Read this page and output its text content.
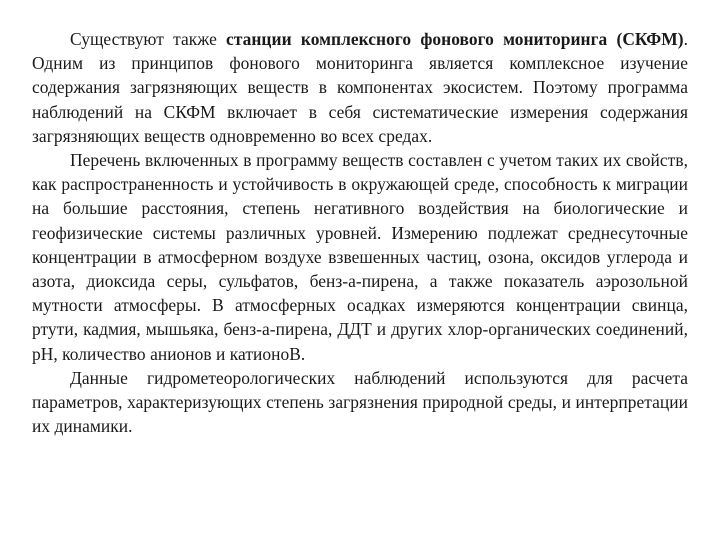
Существуют также станции комплексного фонового мониторинга (СКФМ). Одним из принципов фонового мониторинга является комплексное изучение содержания загрязняющих веществ в компонентах экосистем. Поэтому программа наблюдений на СКФМ включает в себя систематические измерения содержания загрязняющих веществ одновременно во всех средах.

Перечень включенных в программу веществ составлен с учетом таких их свойств, как распространенность и устойчивость в окружающей среде, способность к миграции на большие расстояния, степень негативного воздействия на биологические и геофизические системы различных уровней. Измерению подлежат среднесуточные концентрации в атмосферном воздухе взвешенных частиц, озона, оксидов углерода и азота, диоксида серы, сульфатов, бенз-а-пирена, а также показатель аэрозольной мутности атмосферы. В атмосферных осадках измеряются концентрации свинца, ртути, кадмия, мышьяка, бенз-а-пирена, ДДТ и других хлор-органических соединений, pH, количество анионов и катионоВ.

Данные гидрометеорологических наблюдений используются для расчета параметров, характеризующих степень загрязнения природной среды, и интерпретации их динамики.
